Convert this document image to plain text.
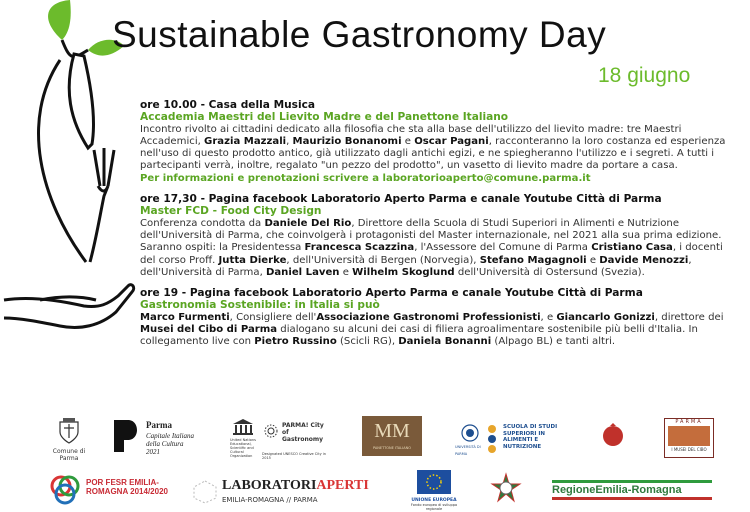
Sustainable Gastronomy Day
18 giugno
ore 10.00 - Casa della Musica
Accademia Maestri del Lievito Madre e del Panettone Italiano
Incontro rivolto ai cittadini dedicato alla filosofia che sta alla base dell'utilizzo del lievito madre: tre Maestri Accademici, Grazia Mazzali, Maurizio Bonanomi e Oscar Pagani, racconteranno la loro costanza ed esperienza nell'uso di questo prodotto antico, già utilizzato dagli antichi egizi, e ne spiegheranno l'utilizzo e i segreti. A tutti i partecipanti verrà, inoltre, regalato "un pezzo del prodotto", un vasetto di lievito madre da portare a casa.
Per informazioni e prenotazioni scrivere a laboratorioaperto@comune.parma.it
ore 17,30 - Pagina facebook Laboratorio Aperto Parma e canale Youtube Città di Parma
Master FCD - Food City Design
Conferenza condotta da Daniele Del Rio, Direttore della Scuola di Studi Superiori in Alimenti e Nutrizione dell'Università di Parma, che coinvolgerà i protagonisti del Master internazionale, nel 2021 alla sua prima edizione. Saranno ospiti: la Presidentessa Francesca Scazzina, l'Assessore del Comune di Parma Cristiano Casa, i docenti del corso Proff. Jutta Dierke, dell'Università di Bergen (Norvegia), Stefano Magagnoli e Davide Menozzi, dell'Università di Parma, Daniel Laven e Wilhelm Skoglund dell'Università di Ostersund (Svezia).
ore 19 - Pagina facebook Laboratorio Aperto Parma e canale Youtube Città di Parma
Gastronomia Sostenibile: in Italia si può
Marco Furmenti, Consigliere dell'Associazione Gastronomi Professionisti, e Giancarlo Gonizzi, direttore dei Musei del Cibo di Parma dialogano su alcuni dei casi di filiera agroalimentare sostenibile più belli d'Italia. In collegamento live con Pietro Russino (Scicli RG), Daniela Bonanni (Alpago BL) e tanti altri.
Comune di Parma
Parma
Capitale Italiana
della Cultura
2021
United Nations Educational, Scientific and Cultural Organization
PARMA! City of Gastronomy
Designated UNESCO Creative City in 2015
MM
PANETTONE ITALIANO	UNIVERSITÀ DI PARMA
SCUOLA DI STUDI SUPERIORI IN ALIMENTI E NUTRIZIONE
PARMA
I MUSEI DEL CIBO
POR FESR EMILIA-ROMAGNA 2014/2020	LABORATORIAPERTI
EMILIA-ROMAGNA // PARMA	UNIONE EUROPEA
Fondo europeo di sviluppo regionale
RegioneEmilia-Romagna
